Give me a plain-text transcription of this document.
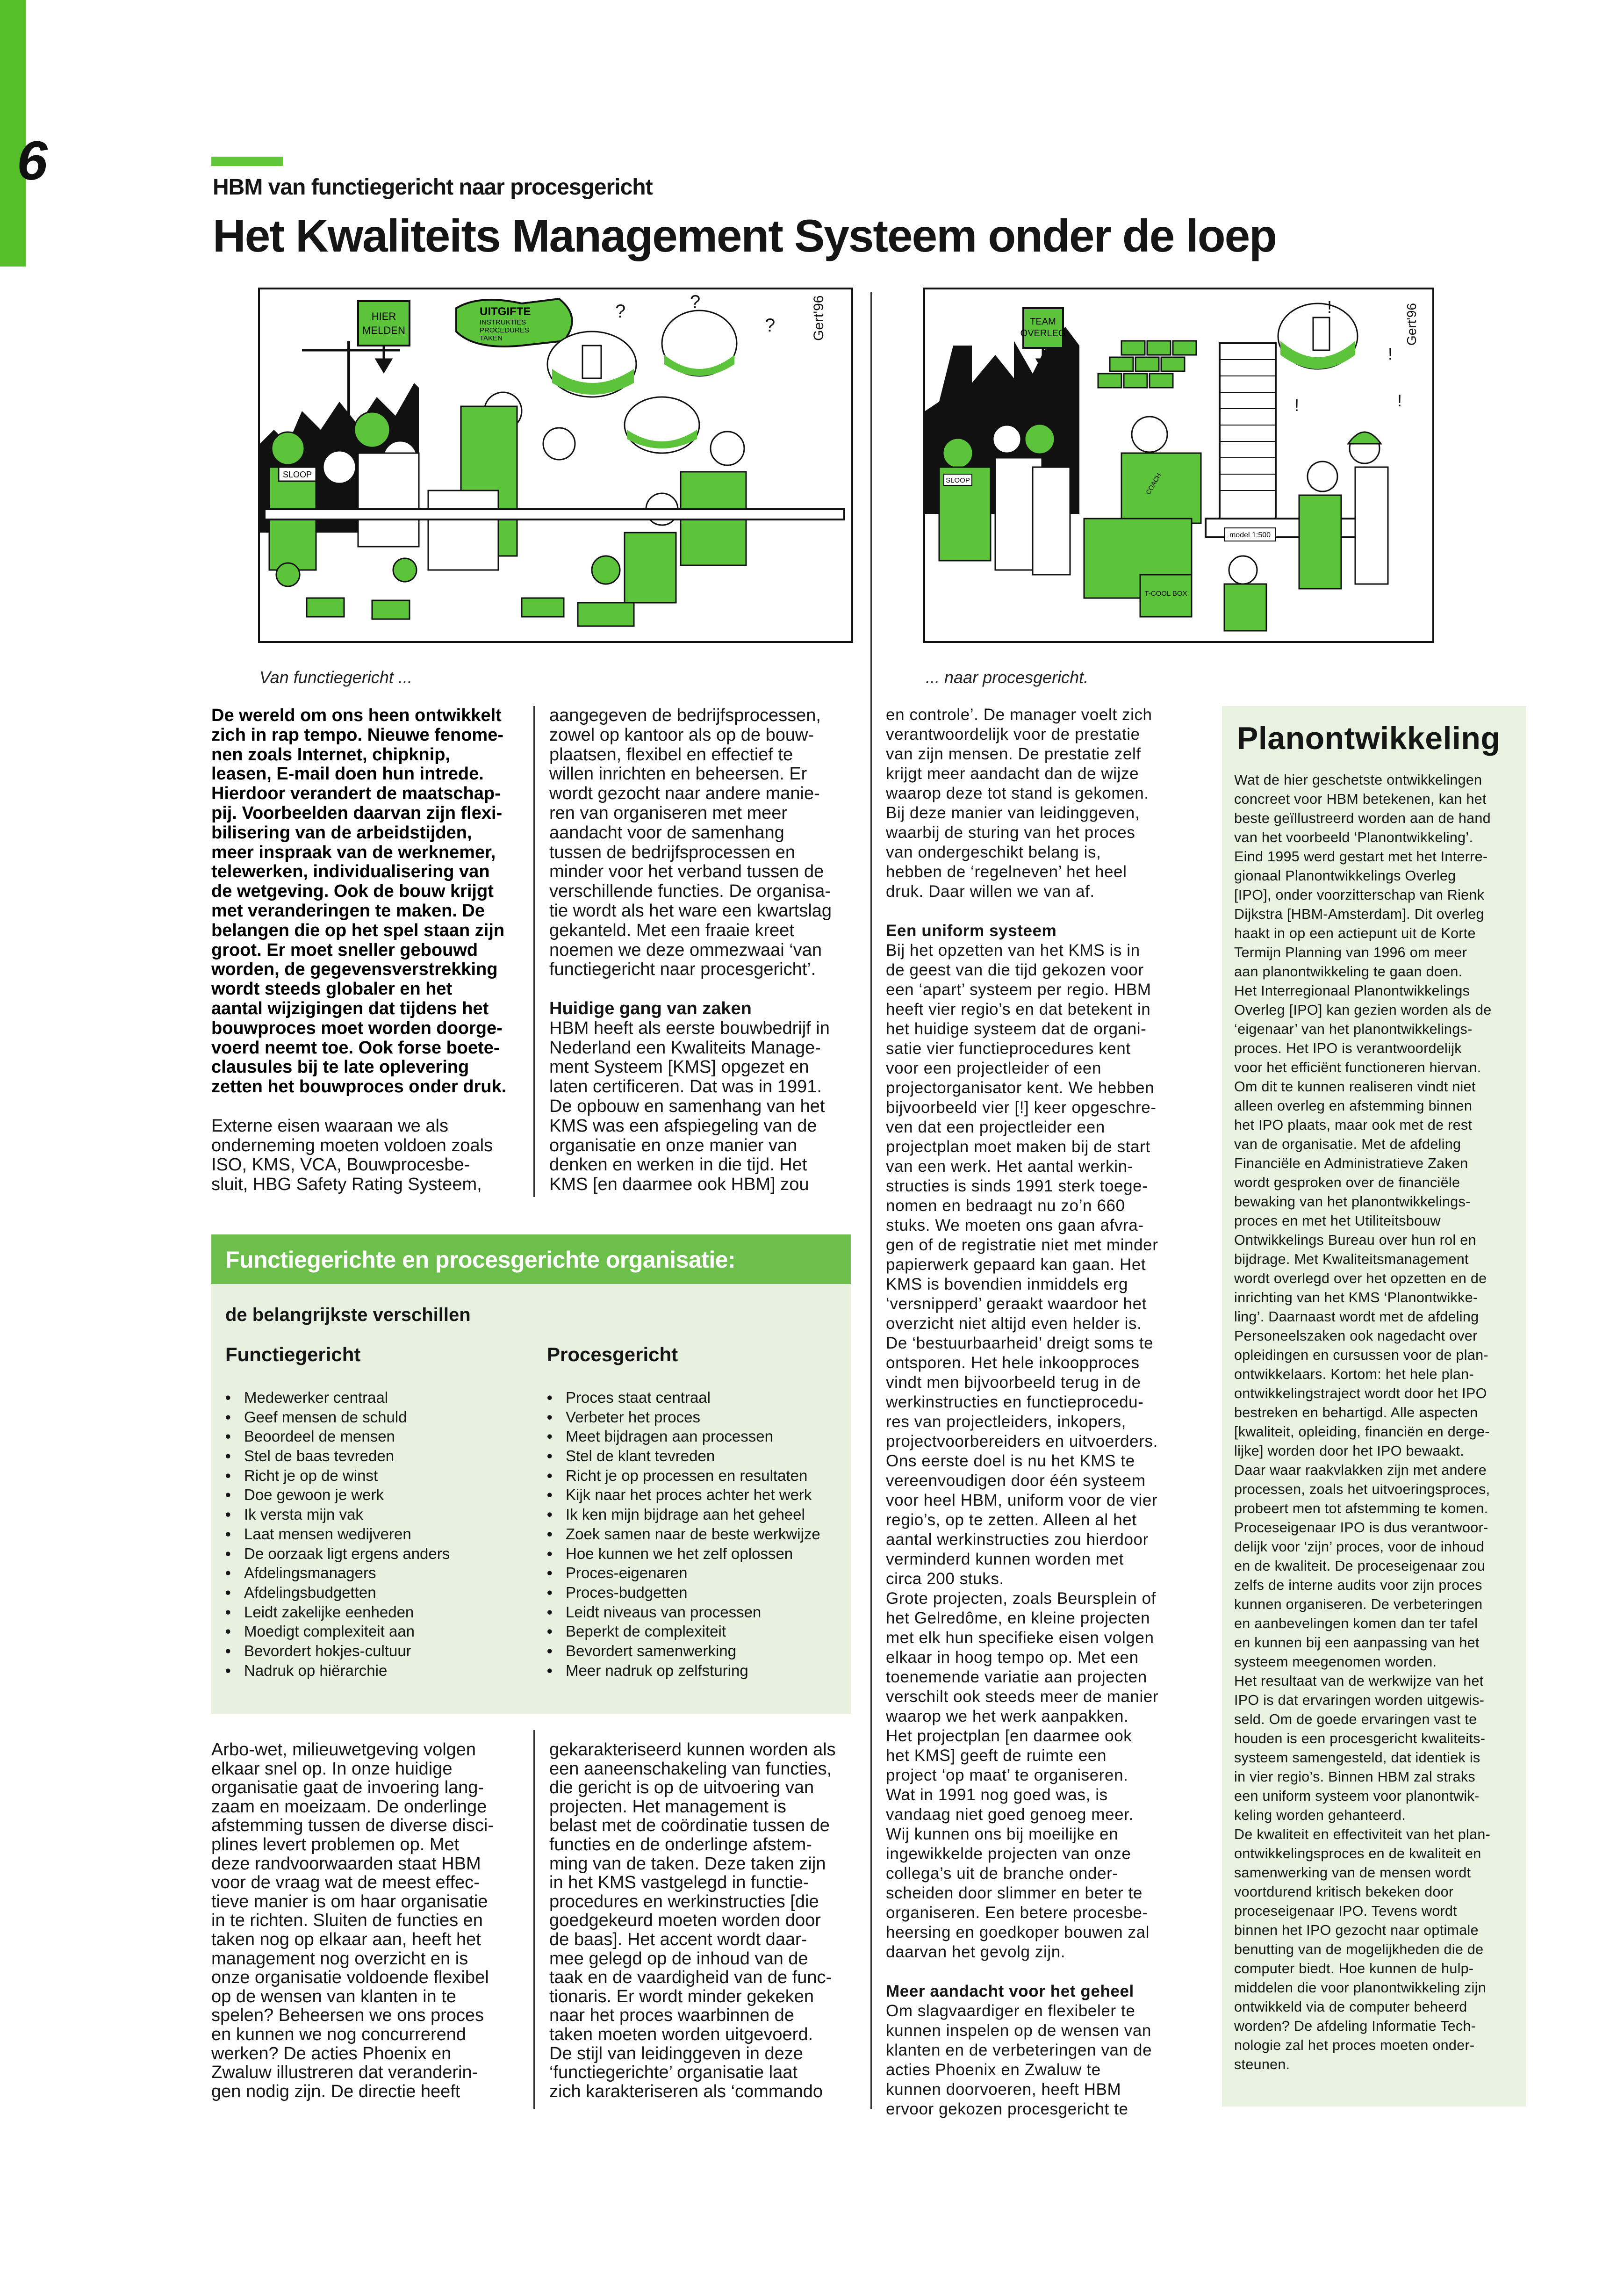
6	HBM van functiegericht naar procesgericht
Het Kwaliteits Management Systeem onder de loep
HIER
MELDEN
UITGIFTE
INSTRUKTIES
PROCEDURES
TAKEN
?
?
?	Gert'96
SLOOP
TEAM
OVERLEG
model 1:500
Gert'96
!
!
!
!
T-COOL BOX
SLOOP	COACH
Van functiegericht ...	... naar procesgericht.
De wereld om ons heen ontwikkelt
zich in rap tempo. Nieuwe fenome-
nen zoals Internet, chipknip,
leasen, E-mail doen hun intrede.
Hierdoor verandert de maatschap-
pij. Voorbeelden daarvan zijn flexi-
bilisering van de arbeidstijden,
meer inspraak van de werknemer,
telewerken, individualisering van
de wetgeving. Ook de bouw krijgt
met veranderingen te maken. De
belangen die op het spel staan zijn
groot. Er moet sneller gebouwd
worden, de gegevensverstrekking
wordt steeds globaler en het
aantal wijzigingen dat tijdens het
bouwproces moet worden doorge-
voerd neemt toe. Ook forse boete-
clausules bij te late oplevering
zetten het bouwproces onder druk.
Externe eisen waaraan we als
onderneming moeten voldoen zoals
ISO, KMS, VCA, Bouwprocesbe-
sluit, HBG Safety Rating Systeem,
aangegeven de bedrijfsprocessen,
zowel op kantoor als op de bouw-
plaatsen, flexibel en effectief te
willen inrichten en beheersen. Er
wordt gezocht naar andere manie-
ren van organiseren met meer
aandacht voor de samenhang
tussen de bedrijfsprocessen en
minder voor het verband tussen de
verschillende functies. De organisa-
tie wordt als het ware een kwartslag
gekanteld. Met een fraaie kreet
noemen we deze ommezwaai ‘van
functiegericht naar procesgericht’.
Huidige gang van zaken
HBM heeft als eerste bouwbedrijf in
Nederland een Kwaliteits Manage-
ment Systeem [KMS] opgezet en
laten certificeren. Dat was in 1991.
De opbouw en samenhang van het
KMS was een afspiegeling van de
organisatie en onze manier van
denken en werken in die tijd. Het
KMS [en daarmee ook HBM] zou
en controle’. De manager voelt zich
verantwoordelijk voor de prestatie
van zijn mensen. De prestatie zelf
krijgt meer aandacht dan de wijze
waarop deze tot stand is gekomen.
Bij deze manier van leidinggeven,
waarbij de sturing van het proces
van ondergeschikt belang is,
hebben de ‘regelneven’ het heel
druk. Daar willen we van af.
Een uniform systeem
Bij het opzetten van het KMS is in
de geest van die tijd gekozen voor
een ‘apart’ systeem per regio. HBM
heeft vier regio’s en dat betekent in
het huidige systeem dat de organi-
satie vier functieprocedures kent
voor een projectleider of een
projectorganisator kent. We hebben
bijvoorbeeld vier [!] keer opgeschre-
ven dat een projectleider een
projectplan moet maken bij de start
van een werk. Het aantal werkin-
structies is sinds 1991 sterk toege-
nomen en bedraagt nu zo’n 660
stuks. We moeten ons gaan afvra-
gen of de registratie niet met minder
papierwerk gepaard kan gaan. Het
KMS is bovendien inmiddels erg
‘versnipperd’ geraakt waardoor het
overzicht niet altijd even helder is.
De ‘bestuurbaarheid’ dreigt soms te
ontsporen. Het hele inkoopproces
vindt men bijvoorbeeld terug in de
werkinstructies en functieprocedu-
res van projectleiders, inkopers,
projectvoorbereiders en uitvoerders.
Ons eerste doel is nu het KMS te
vereenvoudigen door één systeem
voor heel HBM, uniform voor de vier
regio’s, op te zetten. Alleen al het
aantal werkinstructies zou hierdoor
verminderd kunnen worden met
circa 200 stuks.
Grote projecten, zoals Beursplein of
het Gelredôme, en kleine projecten
met elk hun specifieke eisen volgen
elkaar in hoog tempo op. Met een
toenemende variatie aan projecten
verschilt ook steeds meer de manier
waarop we het werk aanpakken.
Het projectplan [en daarmee ook
het KMS] geeft de ruimte een
project ‘op maat’ te organiseren.
Wat in 1991 nog goed was, is
vandaag niet goed genoeg meer.
Wij kunnen ons bij moeilijke en
ingewikkelde projecten van onze
collega’s uit de branche onder-
scheiden door slimmer en beter te
organiseren. Een betere procesbe-
heersing en goedkoper bouwen zal
daarvan het gevolg zijn.
Meer aandacht voor het geheel
Om slagvaardiger en flexibeler te
kunnen inspelen op de wensen van
klanten en de verbeteringen van de
acties Phoenix en Zwaluw te
kunnen doorvoeren, heeft HBM
ervoor gekozen procesgericht te
Arbo-wet, milieuwetgeving volgen
elkaar snel op. In onze huidige
organisatie gaat de invoering lang-
zaam en moeizaam. De onderlinge
afstemming tussen de diverse disci-
plines levert problemen op. Met
deze randvoorwaarden staat HBM
voor de vraag wat de meest effec-
tieve manier is om haar organisatie
in te richten. Sluiten de functies en
taken nog op elkaar aan, heeft het
management nog overzicht en is
onze organisatie voldoende flexibel
op de wensen van klanten in te
spelen? Beheersen we ons proces
en kunnen we nog concurrerend
werken? De acties Phoenix en
Zwaluw illustreren dat veranderin-
gen nodig zijn. De directie heeft
gekarakteriseerd kunnen worden als
een aaneenschakeling van functies,
die gericht is op de uitvoering van
projecten. Het management is
belast met de coördinatie tussen de
functies en de onderlinge afstem-
ming van de taken. Deze taken zijn
in het KMS vastgelegd in functie-
procedures en werkinstructies [die
goedgekeurd moeten worden door
de baas]. Het accent wordt daar-
mee gelegd op de inhoud van de
taak en de vaardigheid van de func-
tionaris. Er wordt minder gekeken
naar het proces waarbinnen de
taken moeten worden uitgevoerd.
De stijl van leidinggeven in deze
‘functiegerichte’ organisatie laat
zich karakteriseren als ‘commando
Functiegerichte en procesgerichte organisatie:
de belangrijkste verschillen
Functiegericht	Procesgericht
• Medewerker centraal
• Geef mensen de schuld
• Beoordeel de mensen
• Stel de baas tevreden
• Richt je op de winst
• Doe gewoon je werk
• Ik versta mijn vak
• Laat mensen wedijveren
• De oorzaak ligt ergens anders
• Afdelingsmanagers
• Afdelingsbudgetten
• Leidt zakelijke eenheden
• Moedigt complexiteit aan
• Bevordert hokjes-cultuur
• Nadruk op hiërarchie
• Proces staat centraal
• Verbeter het proces
• Meet bijdragen aan processen
• Stel de klant tevreden
• Richt je op processen en resultaten
• Kijk naar het proces achter het werk
• Ik ken mijn bijdrage aan het geheel
• Zoek samen naar de beste werkwijze
• Hoe kunnen we het zelf oplossen
• Proces-eigenaren
• Proces-budgetten
• Leidt niveaus van processen
• Beperkt de complexiteit
• Bevordert samenwerking
• Meer nadruk op zelfsturing
Planontwikkeling
Wat de hier geschetste ontwikkelingen
concreet voor HBM betekenen, kan het
beste geïllustreerd worden aan de hand
van het voorbeeld ‘Planontwikkeling’.
Eind 1995 werd gestart met het Interre-
gionaal Planontwikkelings Overleg
[IPO], onder voorzitterschap van Rienk
Dijkstra [HBM-Amsterdam]. Dit overleg
haakt in op een actiepunt uit de Korte
Termijn Planning van 1996 om meer
aan planontwikkeling te gaan doen.
Het Interregionaal Planontwikkelings
Overleg [IPO] kan gezien worden als de
‘eigenaar’ van het planontwikkelings-
proces. Het IPO is verantwoordelijk
voor het efficiënt functioneren hiervan.
Om dit te kunnen realiseren vindt niet
alleen overleg en afstemming binnen
het IPO plaats, maar ook met de rest
van de organisatie. Met de afdeling
Financiële en Administratieve Zaken
wordt gesproken over de financiële
bewaking van het planontwikkelings-
proces en met het Utiliteitsbouw
Ontwikkelings Bureau over hun rol en
bijdrage. Met Kwaliteitsmanagement
wordt overlegd over het opzetten en de
inrichting van het KMS ‘Planontwikke-
ling’. Daarnaast wordt met de afdeling
Personeelszaken ook nagedacht over
opleidingen en cursussen voor de plan-
ontwikkelaars. Kortom: het hele plan-
ontwikkelingstraject wordt door het IPO
bestreken en behartigd. Alle aspecten
[kwaliteit, opleiding, financiën en derge-
lijke] worden door het IPO bewaakt.
Daar waar raakvlakken zijn met andere
processen, zoals het uitvoeringsproces,
probeert men tot afstemming te komen.
Proceseigenaar IPO is dus verantwoor-
delijk voor ‘zijn’ proces, voor de inhoud
en de kwaliteit. De proceseigenaar zou
zelfs de interne audits voor zijn proces
kunnen organiseren. De verbeteringen
en aanbevelingen komen dan ter tafel
en kunnen bij een aanpassing van het
systeem meegenomen worden.
Het resultaat van de werkwijze van het
IPO is dat ervaringen worden uitgewis-
seld. Om de goede ervaringen vast te
houden is een procesgericht kwaliteits-
systeem samengesteld, dat identiek is
in vier regio’s. Binnen HBM zal straks
een uniform systeem voor planontwik-
keling worden gehanteerd.
De kwaliteit en effectiviteit van het plan-
ontwikkelingsproces en de kwaliteit en
samenwerking van de mensen wordt
voortdurend kritisch bekeken door
proceseigenaar IPO. Tevens wordt
binnen het IPO gezocht naar optimale
benutting van de mogelijkheden die de
computer biedt. Hoe kunnen de hulp-
middelen die voor planontwikkeling zijn
ontwikkeld via de computer beheerd
worden? De afdeling Informatie Tech-
nologie zal het proces moeten onder-
steunen.
